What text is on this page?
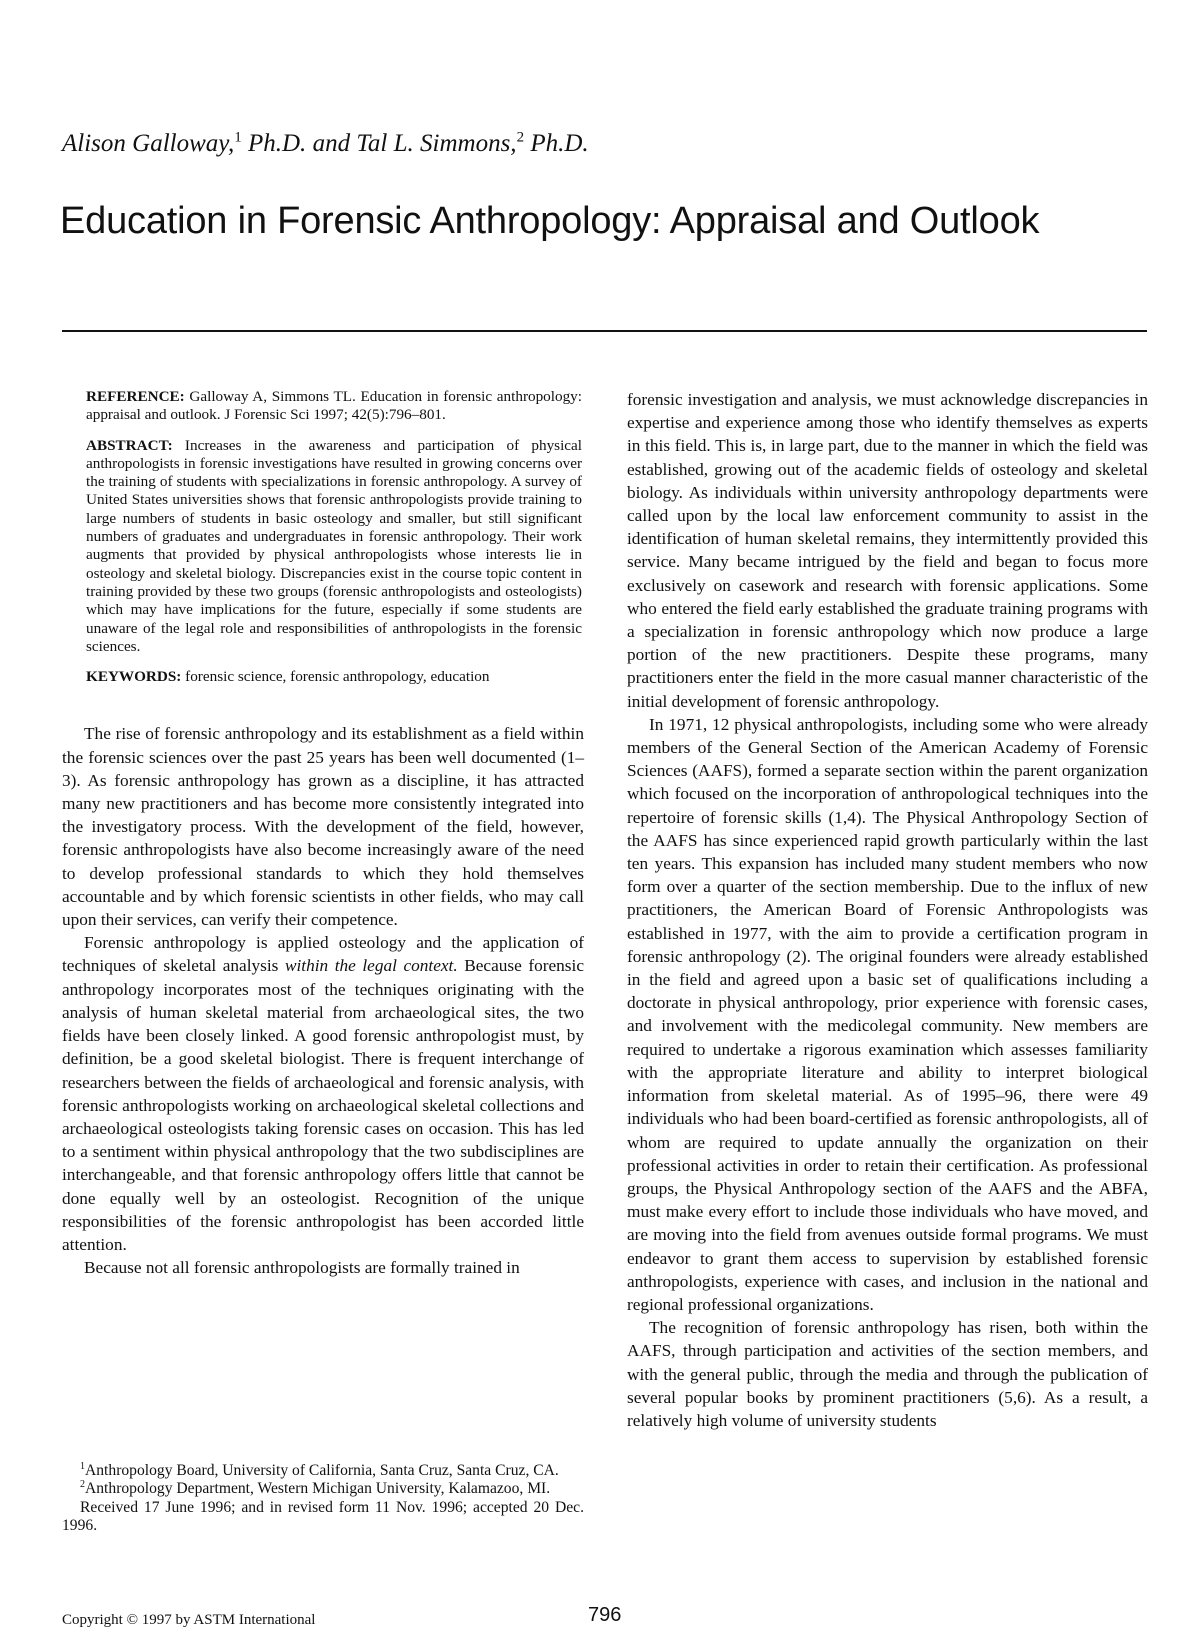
Alison Galloway,$^1$ Ph.D. and Tal L. Simmons,$^2$ Ph.D.
Education in Forensic Anthropology: Appraisal and Outlook

REFERENCE: Galloway A, Simmons TL. Education in forensic anthropology: appraisal and outlook. J Forensic Sci 1997; 42(5):796–801.

ABSTRACT: Increases in the awareness and participation of physical anthropologists in forensic investigations have resulted in growing concerns over the training of students with specializations in forensic anthropology. A survey of United States universities shows that forensic anthropologists provide training to large numbers of students in basic osteology and smaller, but still significant numbers of graduates and undergraduates in forensic anthropology. Their work augments that provided by physical anthropologists whose interests lie in osteology and skeletal biology. Discrepancies exist in the course topic content in training provided by these two groups (forensic anthropologists and osteologists) which may have implications for the future, especially if some students are unaware of the legal role and responsibilities of anthropologists in the forensic sciences.

KEYWORDS: forensic science, forensic anthropology, education

The rise of forensic anthropology and its establishment as a field within the forensic sciences over the past 25 years has been well documented (1–3). As forensic anthropology has grown as a discipline, it has attracted many new practitioners and has become more consistently integrated into the investigatory process. With the development of the field, however, forensic anthropologists have also become increasingly aware of the need to develop professional standards to which they hold themselves accountable and by which forensic scientists in other fields, who may call upon their services, can verify their competence.

Forensic anthropology is applied osteology and the application of techniques of skeletal analysis within the legal context. Because forensic anthropology incorporates most of the techniques originating with the analysis of human skeletal material from archaeological sites, the two fields have been closely linked. A good forensic anthropologist must, by definition, be a good skeletal biologist. There is frequent interchange of researchers between the fields of archaeological and forensic analysis, with forensic anthropologists working on archaeological skeletal collections and archaeological osteologists taking forensic cases on occasion. This has led to a sentiment within physical anthropology that the two subdisciplines are interchangeable, and that forensic anthropology offers little that cannot be done equally well by an osteologist. Recognition of the unique responsibilities of the forensic anthropologist has been accorded little attention.

Because not all forensic anthropologists are formally trained in

forensic investigation and analysis, we must acknowledge discrepancies in expertise and experience among those who identify themselves as experts in this field. This is, in large part, due to the manner in which the field was established, growing out of the academic fields of osteology and skeletal biology. As individuals within university anthropology departments were called upon by the local law enforcement community to assist in the identification of human skeletal remains, they intermittently provided this service. Many became intrigued by the field and began to focus more exclusively on casework and research with forensic applications. Some who entered the field early established the graduate training programs with a specialization in forensic anthropology which now produce a large portion of the new practitioners. Despite these programs, many practitioners enter the field in the more casual manner characteristic of the initial development of forensic anthropology.

In 1971, 12 physical anthropologists, including some who were already members of the General Section of the American Academy of Forensic Sciences (AAFS), formed a separate section within the parent organization which focused on the incorporation of anthropological techniques into the repertoire of forensic skills (1,4). The Physical Anthropology Section of the AAFS has since experienced rapid growth particularly within the last ten years. This expansion has included many student members who now form over a quarter of the section membership. Due to the influx of new practitioners, the American Board of Forensic Anthropologists was established in 1977, with the aim to provide a certification program in forensic anthropology (2). The original founders were already established in the field and agreed upon a basic set of qualifications including a doctorate in physical anthropology, prior experience with forensic cases, and involvement with the medicolegal community. New members are required to undertake a rigorous examination which assesses familiarity with the appropriate literature and ability to interpret biological information from skeletal material. As of 1995–96, there were 49 individuals who had been board-certified as forensic anthropologists, all of whom are required to update annually the organization on their professional activities in order to retain their certification. As professional groups, the Physical Anthropology section of the AAFS and the ABFA, must make every effort to include those individuals who have moved, and are moving into the field from avenues outside formal programs. We must endeavor to grant them access to supervision by established forensic anthropologists, experience with cases, and inclusion in the national and regional professional organizations.

The recognition of forensic anthropology has risen, both within the AAFS, through participation and activities of the section members, and with the general public, through the media and through the publication of several popular books by prominent practitioners (5,6). As a result, a relatively high volume of university students

$^1$Anthropology Board, University of California, Santa Cruz, Santa Cruz, CA.

$^2$Anthropology Department, Western Michigan University, Kalamazoo, MI.

Received 17 June 1996; and in revised form 11 Nov. 1996; accepted 20 Dec. 1996.

Copyright © 1997 by ASTM International	796
